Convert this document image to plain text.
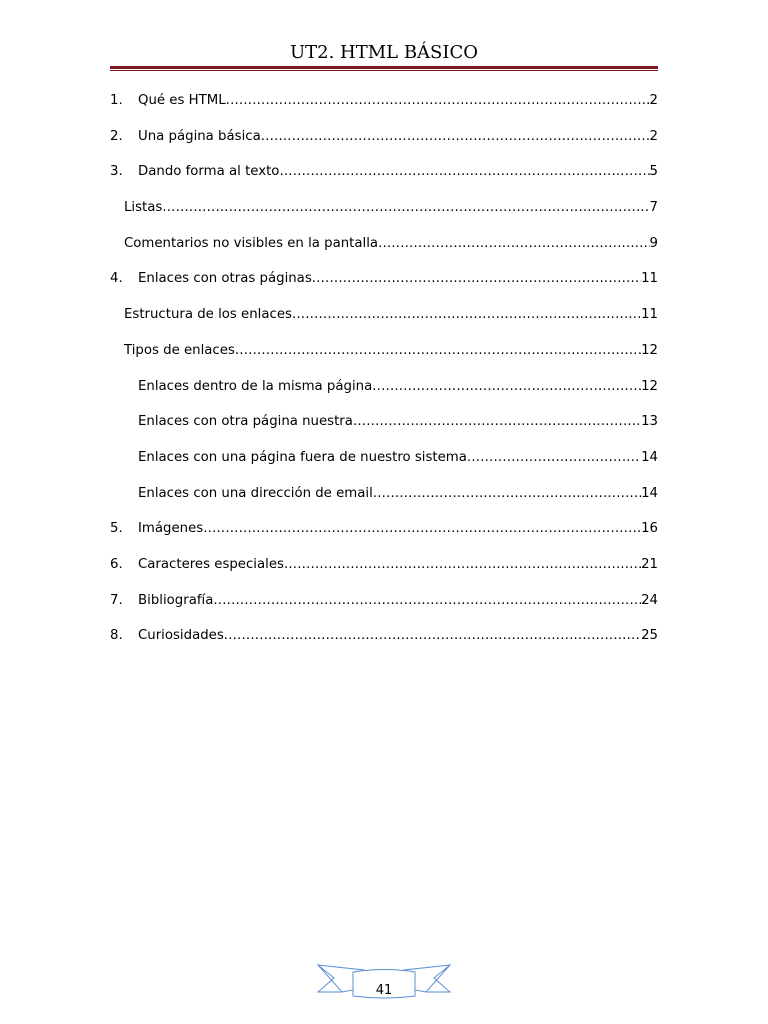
UT2. HTML BÁSICO
1.	Qué es HTML .....	2
2.	Una página básica .....	2
3.	Dando forma al texto .....	5
Listas .....	7
Comentarios no visibles en la pantalla .....	9
4.	Enlaces con otras páginas .....	11
Estructura de los enlaces .....	11
Tipos de enlaces .....	12
Enlaces dentro de la misma página .....	12
Enlaces con otra página nuestra .....	13
Enlaces con una página fuera de nuestro sistema .....	14
Enlaces con una dirección de email .....	14
5.	Imágenes .....	16
6.	Caracteres especiales .....	21
7.	Bibliografía .....	24
8.	Curiosidades .....	25
41
